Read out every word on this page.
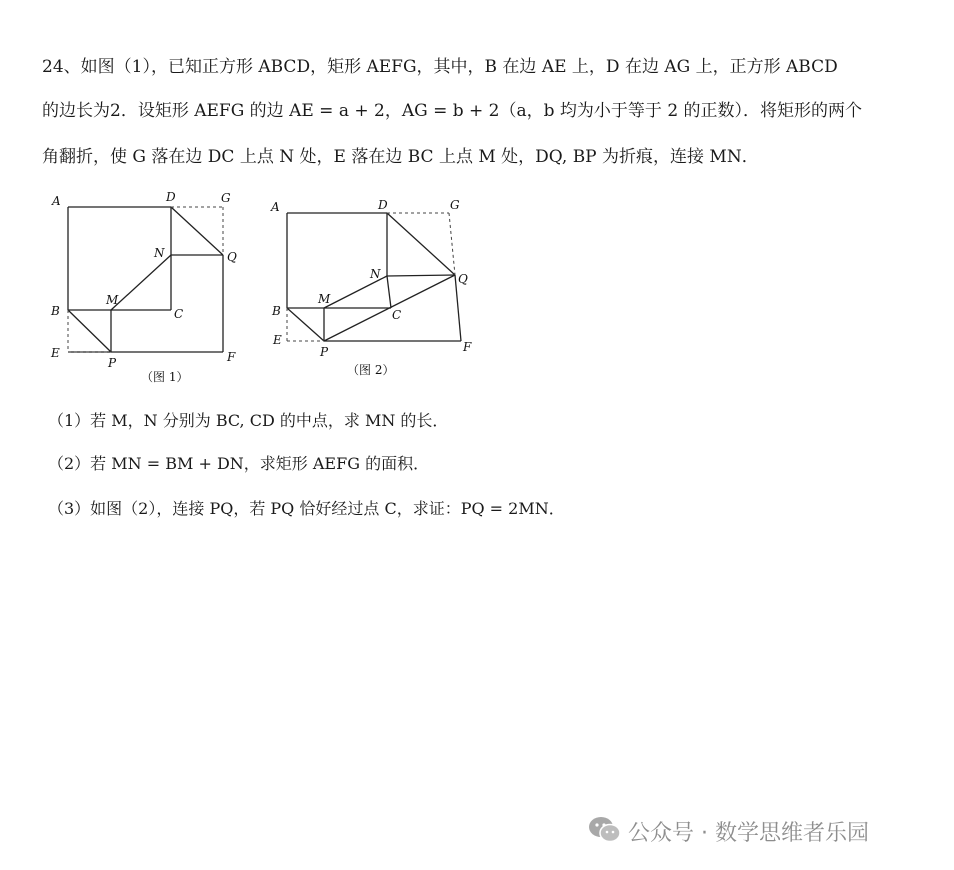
24、如图（1），已知正方形 ABCD，矩形 AEFG，其中，B 在边 AE 上，D 在边 AG 上，正方形 ABCD
的边长为2．设矩形 AEFG 的边 AE = a + 2，AG = b + 2（a，b 均为小于等于 2 的正数）．将矩形的两个
角翻折，使 G 落在边 DC 上点 N 处，E 落在边 BC 上点 M 处，DQ, BP 为折痕，连接 MN．
A	D	G
N	Q
M
B	C
E
P	F
（图 1）
A	D	G
N	Q
M
B	C
E
P	F
（图 2）
（1）若 M，N 分别为 BC, CD 的中点，求 MN 的长．
（2）若 MN = BM + DN，求矩形 AEFG 的面积．
（3）如图（2），连接 PQ，若 PQ 恰好经过点 C，求证：PQ = 2MN．
公众号 · 数学思维者乐园
